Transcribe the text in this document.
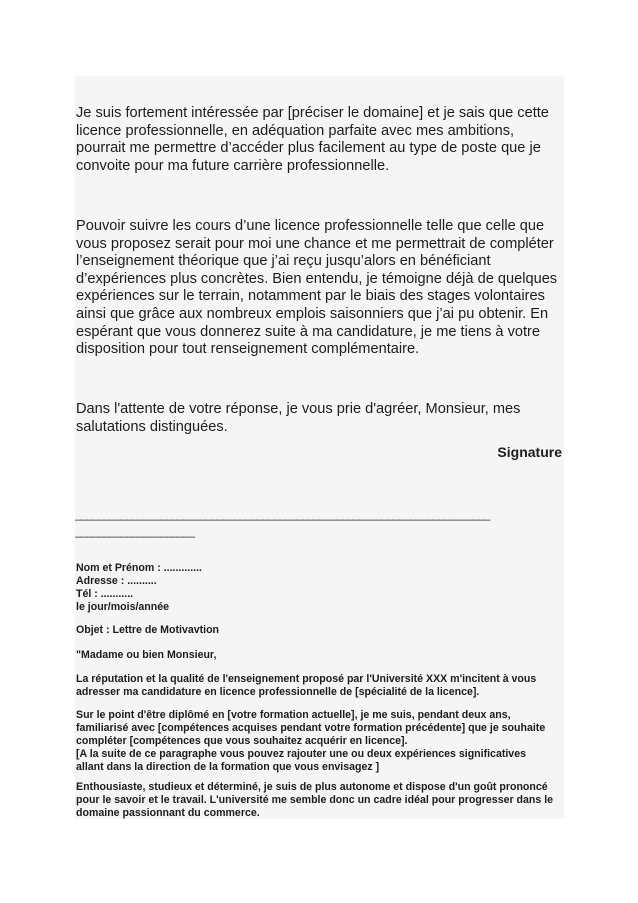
Je suis fortement intéressée par [préciser le domaine] et je sais que cette
licence professionnelle, en adéquation parfaite avec mes ambitions,
pourrait me permettre d’accéder plus facilement au type de poste que je
convoite pour ma future carrière professionnelle.
Pouvoir suivre les cours d’une licence professionnelle telle que celle que
vous proposez serait pour moi une chance et me permettrait de compléter
l’enseignement théorique que j’ai reçu jusqu’alors en bénéficiant
d’expériences plus concrètes. Bien entendu, je témoigne déjà de quelques
expériences sur le terrain, notamment par le biais des stages volontaires
ainsi que grâce aux nombreux emplois saisonniers que j’ai pu obtenir. En
espérant que vous donnerez suite à ma candidature, je me tiens à votre
disposition pour tout renseignement complémentaire.
Dans l'attente de votre réponse, je vous prie d'agréer, Monsieur, mes
salutations distinguées.
Signature
_________________________________________________________________________
_____________________
Nom et Prénom : .............
Adresse : ..........
Tél : ...........
le jour/mois/année
Objet : Lettre de Motivavtion
"Madame ou bien Monsieur,
La réputation et la qualité de l'enseignement proposé par l'Université XXX m'incitent à vous
adresser ma candidature en licence professionnelle de [spécialité de la licence].
Sur le point d'être diplômé en [votre formation actuelle], je me suis, pendant deux ans,
familiarisé avec [compétences acquises pendant votre formation précédente] que je souhaite
compléter [compétences que vous souhaitez acquérir en licence].
[A la suite de ce paragraphe vous pouvez rajouter une ou deux expériences significatives
allant dans la direction de la formation que vous envisagez ]
Enthousiaste, studieux et déterminé, je suis de plus autonome et dispose d'un goût prononcé
pour le savoir et le travail. L'université me semble donc un cadre idéal pour progresser dans le
domaine passionnant du commerce.
